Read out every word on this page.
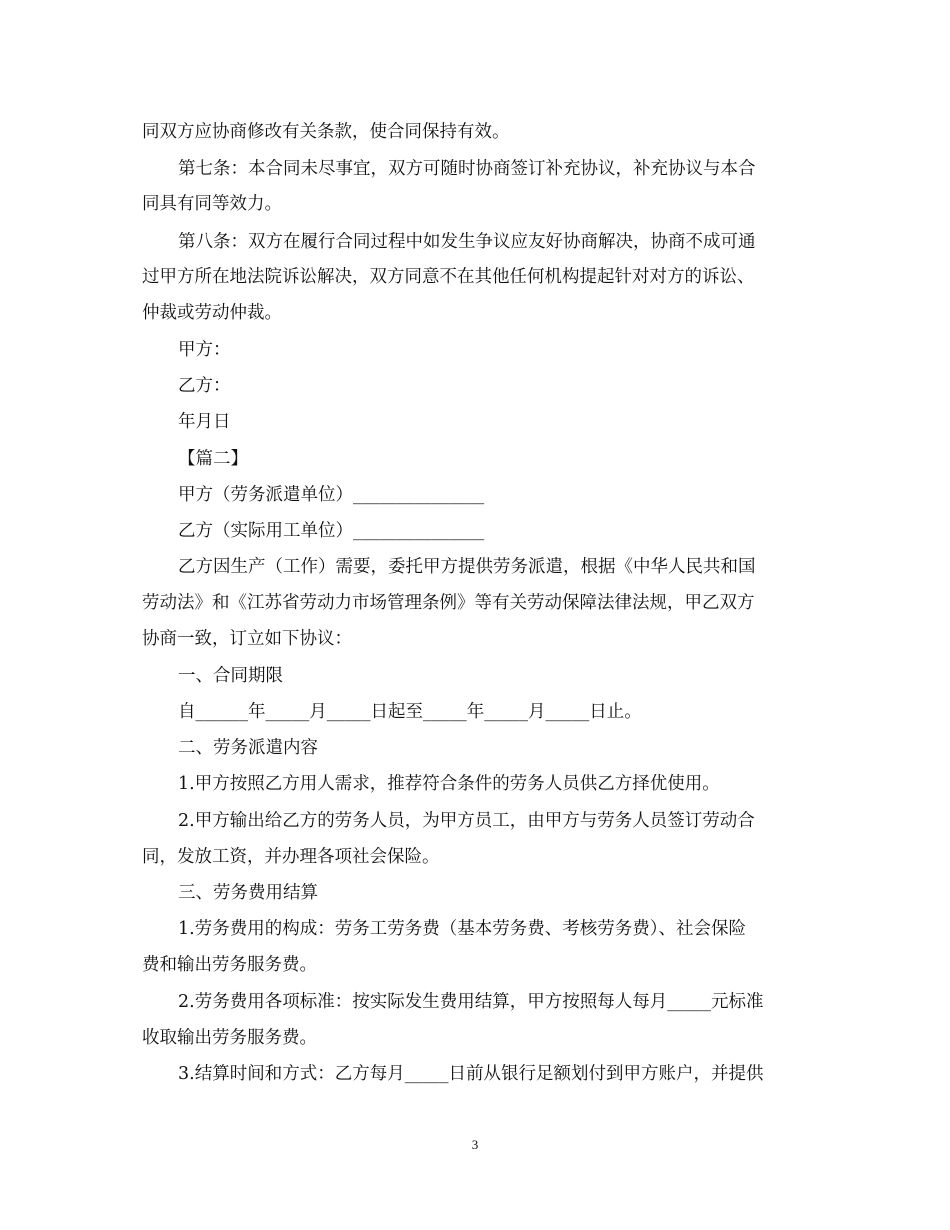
同双方应协商修改有关条款，使合同保持有效。
第七条：本合同未尽事宜，双方可随时协商签订补充协议，补充协议与本合
同具有同等效力。
第八条：双方在履行合同过程中如发生争议应友好协商解决，协商不成可通
过甲方所在地法院诉讼解决，双方同意不在其他任何机构提起针对对方的诉讼、
仲裁或劳动仲裁。
甲方：
乙方：
年月日
【篇二】
甲方（劳务派遣单位）_______________
乙方（实际用工单位）_______________
乙方因生产（工作）需要，委托甲方提供劳务派遣，根据《中华人民共和国
劳动法》和《江苏省劳动力市场管理条例》等有关劳动保障法律法规，甲乙双方
协商一致，订立如下协议：
一、合同期限
自______年_____月_____日起至_____年_____月_____日止。
二、劳务派遣内容
1.甲方按照乙方用人需求，推荐符合条件的劳务人员供乙方择优使用。
2.甲方输出给乙方的劳务人员，为甲方员工，由甲方与劳务人员签订劳动合
同，发放工资，并办理各项社会保险。
三、劳务费用结算
1.劳务费用的构成：劳务工劳务费（基本劳务费、考核劳务费）、社会保险
费和输出劳务服务费。
2.劳务费用各项标准：按实际发生费用结算，甲方按照每人每月_____元标准
收取输出劳务服务费。
3.结算时间和方式：乙方每月_____日前从银行足额划付到甲方账户，并提供
3
